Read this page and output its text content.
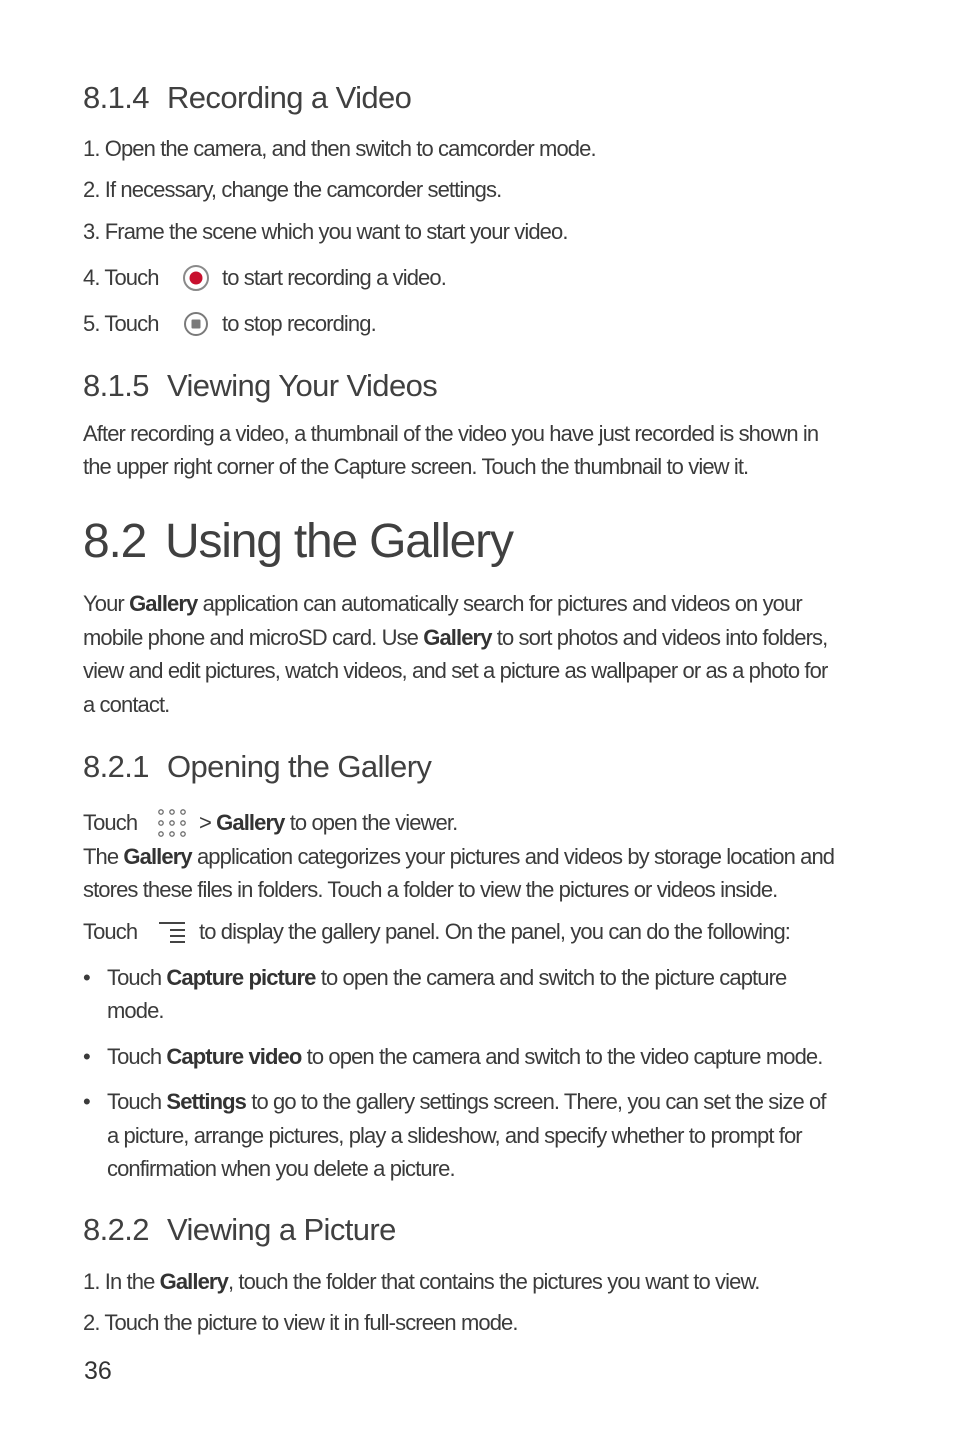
8.1.4 Recording a Video
1. Open the camera, and then switch to camcorder mode.
2. If necessary, change the camcorder settings.
3. Frame the scene which you want to start your video.
4. Touch	to start recording a video.
5. Touch	to stop recording.
8.1.5 Viewing Your Videos
After recording a video, a thumbnail of the video you have just recorded is shown in
the upper right corner of the Capture screen. Touch the thumbnail to view it.
8.2 Using the Gallery
Your Gallery application can automatically search for pictures and videos on your
mobile phone and microSD card. Use Gallery to sort photos and videos into folders,
view and edit pictures, watch videos, and set a picture as wallpaper or as a photo for
a contact.
8.2.1 Opening the Gallery
Touch	> Gallery to open the viewer.
The Gallery application categorizes your pictures and videos by storage location and
stores these files in folders. Touch a folder to view the pictures or videos inside.
Touch	to display the gallery panel. On the panel, you can do the following:
• Touch Capture picture to open the camera and switch to the picture capture
mode.
• Touch Capture video to open the camera and switch to the video capture mode.
• Touch Settings to go to the gallery settings screen. There, you can set the size of
a picture, arrange pictures, play a slideshow, and specify whether to prompt for
confirmation when you delete a picture.
8.2.2 Viewing a Picture
1. In the Gallery, touch the folder that contains the pictures you want to view.
2. Touch the picture to view it in full-screen mode.
36
